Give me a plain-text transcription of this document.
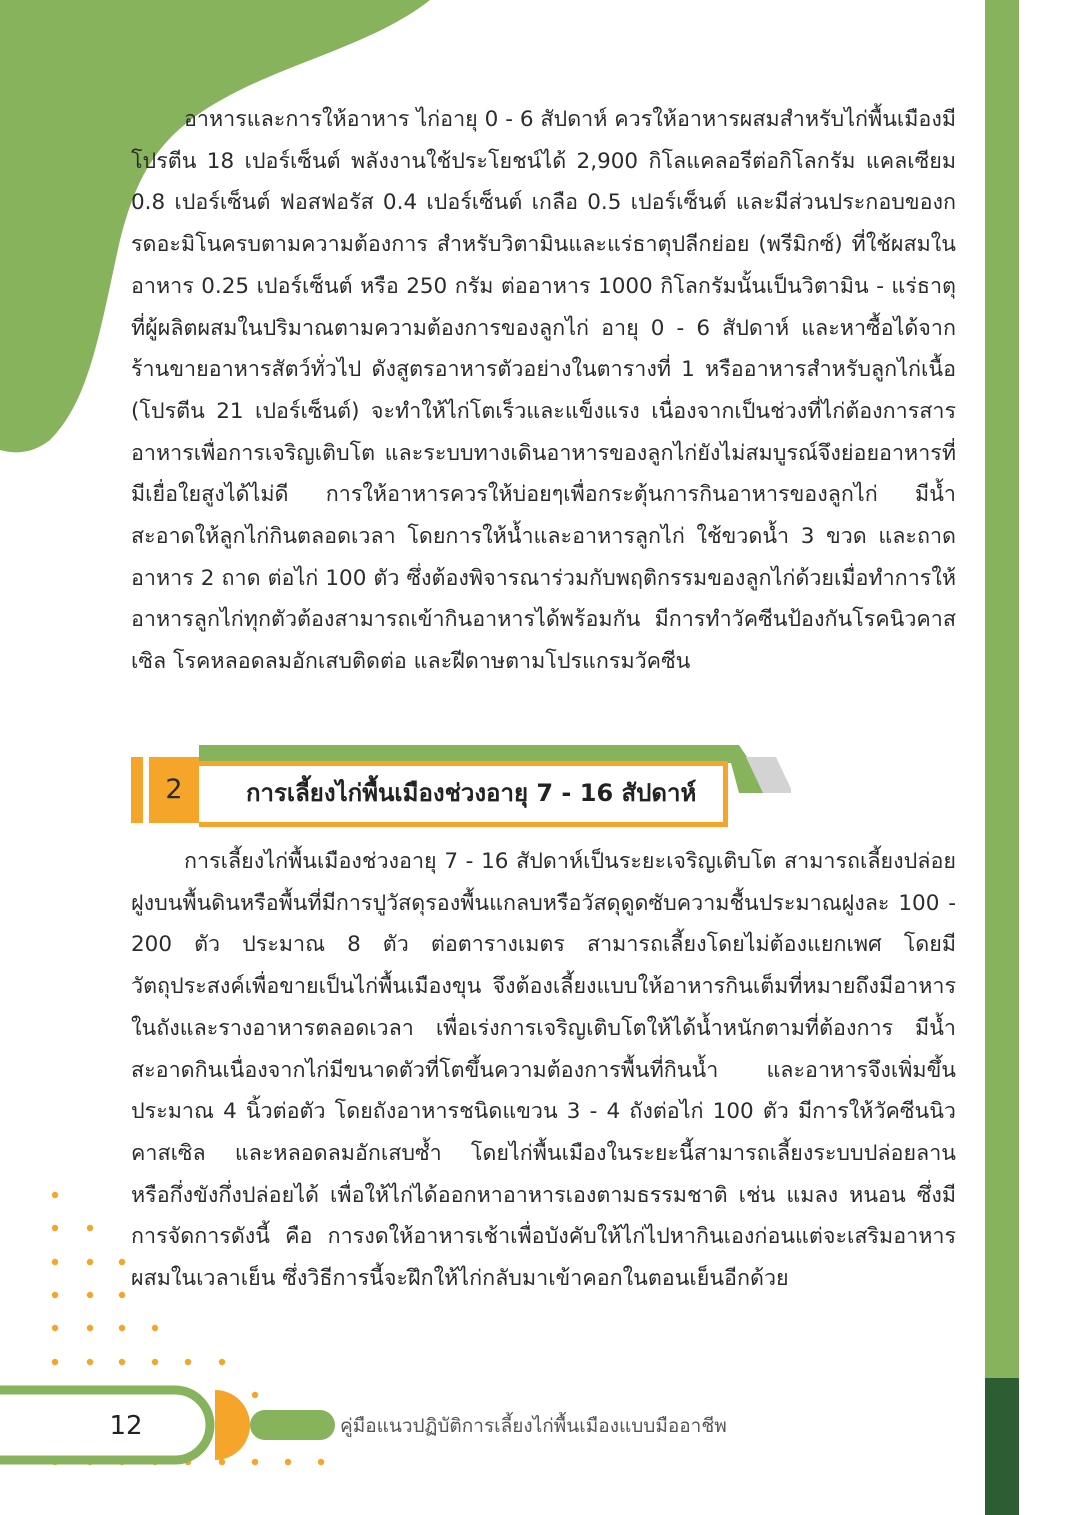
อาหารและการให้อาหาร ไก่อายุ 0 - 6 สัปดาห์ ควรให้อาหารผสมสำหรับไก่พื้นเมืองมีโปรตีน 18 เปอร์เซ็นต์ พลังงานใช้ประโยชน์ได้ 2,900 กิโลแคลอรีต่อกิโลกรัม แคลเซียม 0.8 เปอร์เซ็นต์ ฟอสฟอรัส 0.4 เปอร์เซ็นต์ เกลือ 0.5 เปอร์เซ็นต์ และมีส่วนประกอบของกรดอะมิโนครบตามความต้องการ สำหรับวิตามินและแร่ธาตุปลีกย่อย (พรีมิกซ์) ที่ใช้ผสมในอาหาร 0.25 เปอร์เซ็นต์ หรือ 250 กรัม ต่ออาหาร 1000 กิโลกรัมนั้นเป็นวิตามิน - แร่ธาตุ ที่ผู้ผลิตผสมในปริมาณตามความต้องการของลูกไก่ อายุ 0 - 6 สัปดาห์ และหาซื้อได้จากร้านขายอาหารสัตว์ทั่วไป ดังสูตรอาหารตัวอย่างในตารางที่ 1 หรืออาหารสำหรับลูกไก่เนื้อ (โปรตีน 21 เปอร์เซ็นต์) จะทำให้ไก่โตเร็วและแข็งแรง เนื่องจากเป็นช่วงที่ไก่ต้องการสารอาหารเพื่อการเจริญเติบโต และระบบทางเดินอาหารของลูกไก่ยังไม่สมบูรณ์จึงย่อยอาหารที่มีเยื่อใยสูงได้ไม่ดี การให้อาหารควรให้บ่อยๆเพื่อกระตุ้นการกินอาหารของลูกไก่ มีน้ำสะอาดให้ลูกไก่กินตลอดเวลา โดยการให้น้ำและอาหารลูกไก่ ใช้ขวดน้ำ 3 ขวด และถาดอาหาร 2 ถาด ต่อไก่ 100 ตัว ซึ่งต้องพิจารณาร่วมกับพฤติกรรมของลูกไก่ด้วยเมื่อทำการให้อาหารลูกไก่ทุกตัวต้องสามารถเข้ากินอาหารได้พร้อมกัน มีการทำวัคซีนป้องกันโรคนิวคาสเซิล โรคหลอดลมอักเสบติดต่อ และฝีดาษตามโปรแกรมวัคซีน

2	การเลี้ยงไก่พื้นเมืองช่วงอายุ 7 - 16 สัปดาห์

การเลี้ยงไก่พื้นเมืองช่วงอายุ 7 - 16 สัปดาห์เป็นระยะเจริญเติบโต สามารถเลี้ยงปล่อยฝูงบนพื้นดินหรือพื้นที่มีการปูวัสดุรองพื้นแกลบหรือวัสดุดูดซับความชื้นประมาณฝูงละ 100 - 200 ตัว ประมาณ 8 ตัว ต่อตารางเมตร สามารถเลี้ยงโดยไม่ต้องแยกเพศ โดยมีวัตถุประสงค์เพื่อขายเป็นไก่พื้นเมืองขุน จึงต้องเลี้ยงแบบให้อาหารกินเต็มที่หมายถึงมีอาหารในถังและรางอาหารตลอดเวลา เพื่อเร่งการเจริญเติบโตให้ได้น้ำหนักตามที่ต้องการ มีน้ำสะอาดกินเนื่องจากไก่มีขนาดตัวที่โตขึ้นความต้องการพื้นที่กินน้ำ และอาหารจึงเพิ่มขึ้นประมาณ 4 นิ้วต่อตัว โดยถังอาหารชนิดแขวน 3 - 4 ถังต่อไก่ 100 ตัว มีการให้วัคซีนนิวคาสเซิล และหลอดลมอักเสบซ้ำ โดยไก่พื้นเมืองในระยะนี้สามารถเลี้ยงระบบปล่อยลาน หรือกึ่งขังกึ่งปล่อยได้ เพื่อให้ไก่ได้ออกหาอาหารเองตามธรรมชาติ เช่น แมลง หนอน ซึ่งมีการจัดการดังนี้ คือ การงดให้อาหารเช้าเพื่อบังคับให้ไก่ไปหากินเองก่อนแต่จะเสริมอาหารผสมในเวลาเย็น ซึ่งวิธีการนี้จะฝึกให้ไก่กลับมาเข้าคอกในตอนเย็นอีกด้วย

12	คู่มือแนวปฏิบัติการเลี้ยงไก่พื้นเมืองแบบมืออาชีพ
